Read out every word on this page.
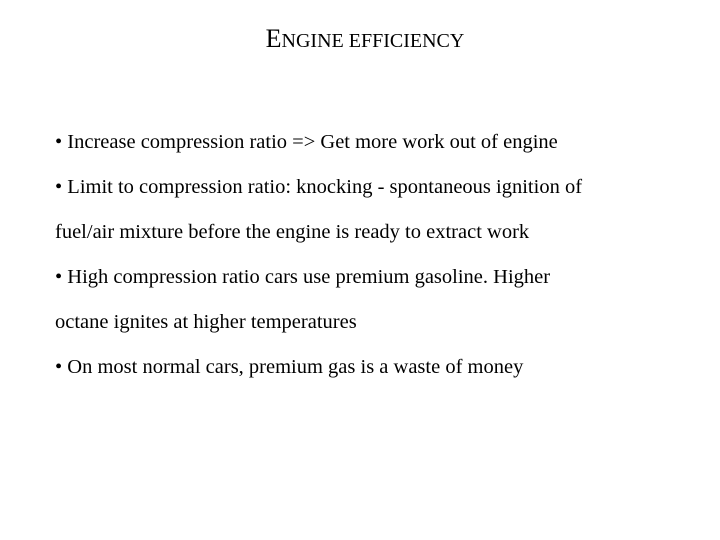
ENGINE EFFICIENCY
• Increase compression ratio => Get more work out of engine
• Limit to compression ratio: knocking - spontaneous ignition of
fuel/air mixture before the engine is ready to extract work
• High compression ratio cars use premium gasoline. Higher
octane ignites at higher temperatures
• On most normal cars, premium gas is a waste of money
